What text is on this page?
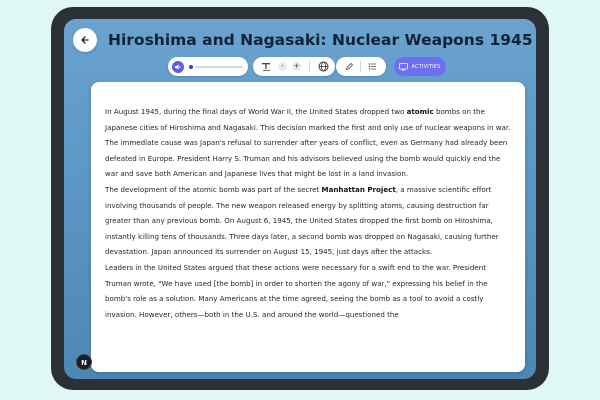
Hiroshima and Nagasaki: Nuclear Weapons 1945
-	+	ACTIVITIES

In August 1945, during the final days of World War II, the United States dropped two atomic bombs on the Japanese cities of Hiroshima and Nagasaki. This decision marked the first and only use of nuclear weapons in war. The immediate cause was Japan's refusal to surrender after years of conflict, even as Germany had already been defeated in Europe. President Harry S. Truman and his advisors believed using the bomb would quickly end the war and save both American and Japanese lives that might be lost in a land invasion.

The development of the atomic bomb was part of the secret Manhattan Project, a massive scientific effort involving thousands of people. The new weapon released energy by splitting atoms, causing destruction far greater than any previous bomb. On August 6, 1945, the United States dropped the first bomb on Hiroshima, instantly killing tens of thousands. Three days later, a second bomb was dropped on Nagasaki, causing further devastation. Japan announced its surrender on August 15, 1945, just days after the attacks.

Leaders in the United States argued that these actions were necessary for a swift end to the war. President Truman wrote, "We have used [the bomb] in order to shorten the agony of war," expressing his belief in the bomb's role as a solution. Many Americans at the time agreed, seeing the bomb as a tool to avoid a costly invasion. However, others—both in the U.S. and around the world—questioned the

N
